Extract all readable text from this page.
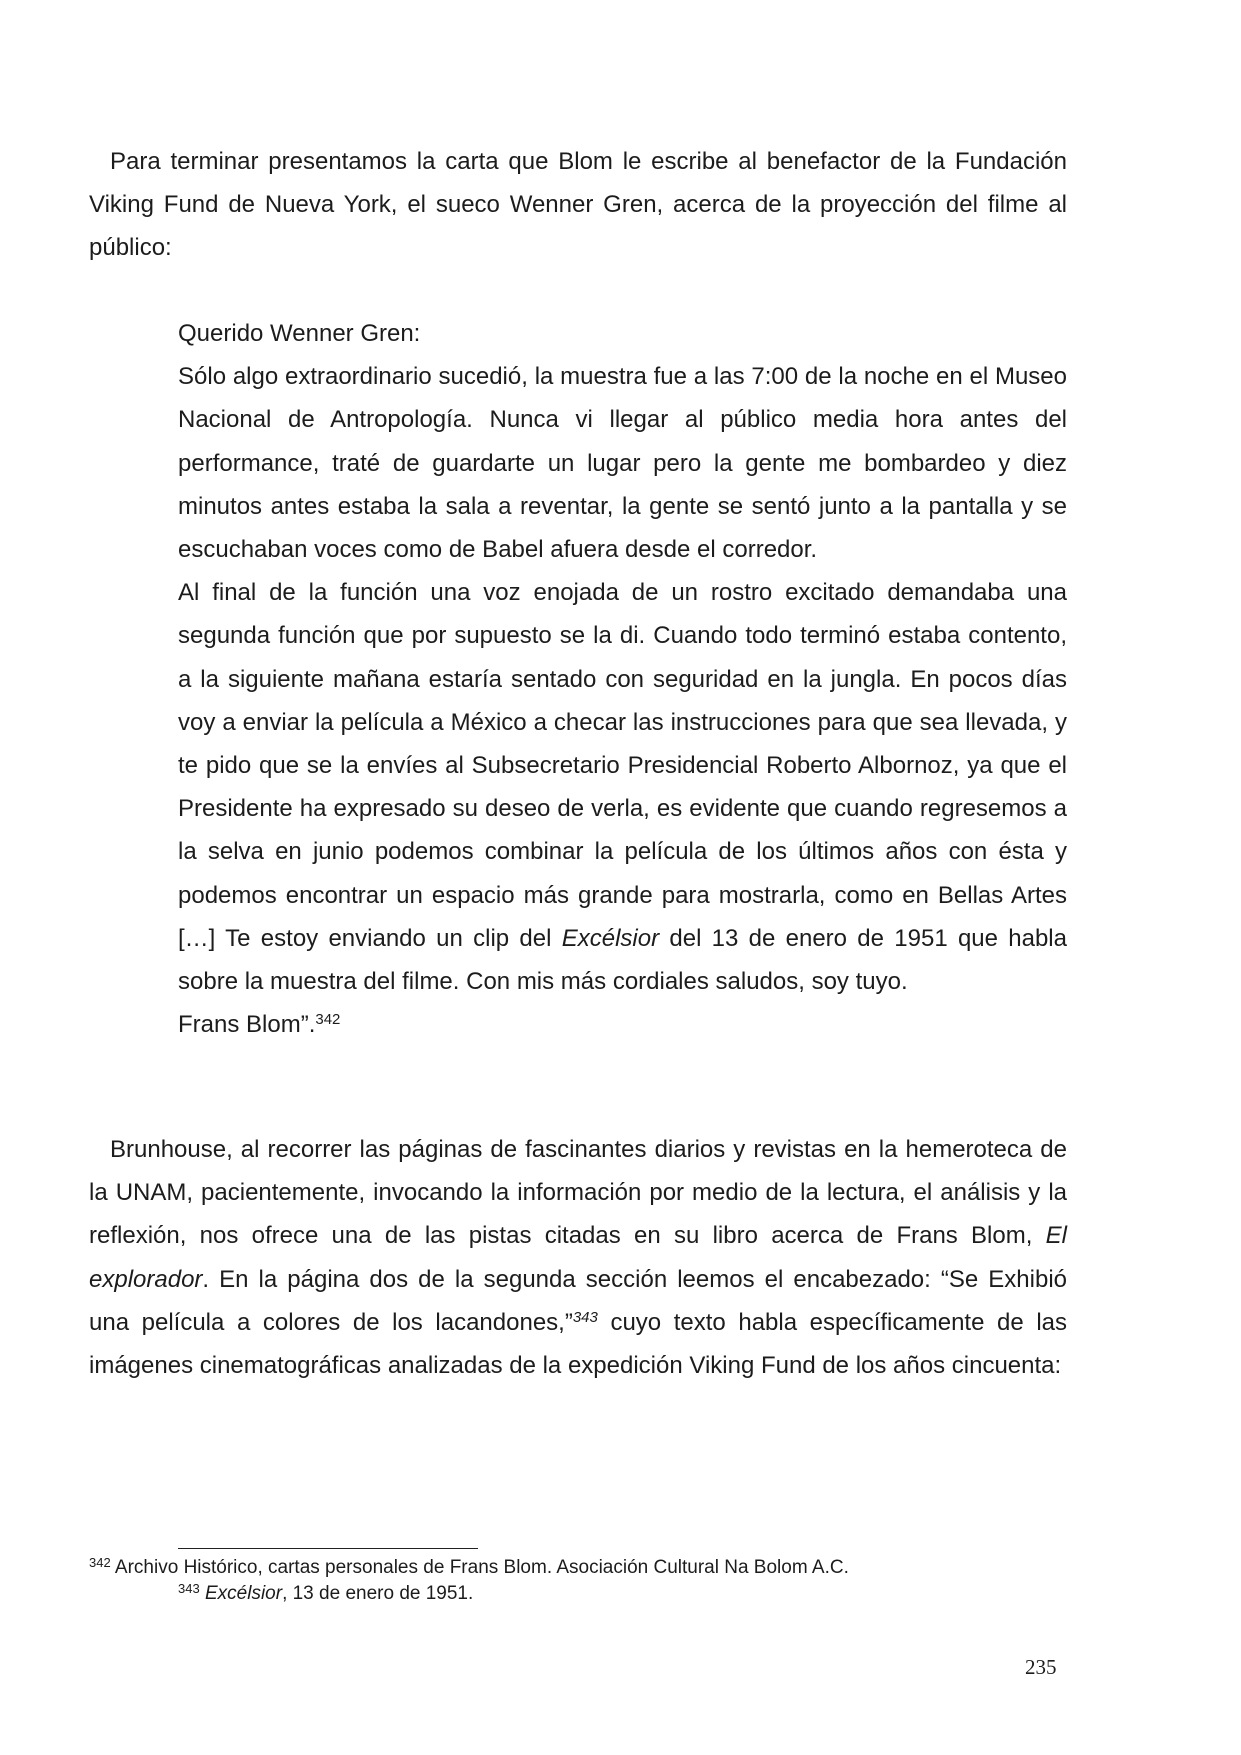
Para terminar presentamos la carta que Blom le escribe al benefactor de la Fundación Viking Fund de Nueva York, el sueco Wenner Gren, acerca de la proyección del filme al público:

Querido Wenner Gren:

Sólo algo extraordinario sucedió, la muestra fue a las 7:00 de la noche en el Museo Nacional de Antropología. Nunca vi llegar al público media hora antes del performance, traté de guardarte un lugar pero la gente me bombardeo y diez minutos antes estaba la sala a reventar, la gente se sentó junto a la pantalla y se escuchaban voces como de Babel afuera desde el corredor.

Al final de la función una voz enojada de un rostro excitado demandaba una segunda función que por supuesto se la di. Cuando todo terminó estaba contento, a la siguiente mañana estaría sentado con seguridad en la jungla. En pocos días voy a enviar la película a México a checar las instrucciones para que sea llevada, y te pido que se la envíes al Subsecretario Presidencial Roberto Albornoz, ya que el Presidente ha expresado su deseo de verla, es evidente que cuando regresemos a la selva en junio podemos combinar la película de los últimos años con ésta y podemos encontrar un espacio más grande para mostrarla, como en Bellas Artes […] Te estoy enviando un clip del Excélsior del 13 de enero de 1951 que habla sobre la muestra del filme. Con mis más cordiales saludos, soy tuyo.

Frans Blom”.$^{342}$

Brunhouse, al recorrer las páginas de fascinantes diarios y revistas en la hemeroteca de la UNAM, pacientemente, invocando la información por medio de la lectura, el análisis y la reflexión, nos ofrece una de las pistas citadas en su libro acerca de Frans Blom, El explorador. En la página dos de la segunda sección leemos el encabezado: “Se Exhibió una película a colores de los lacandones,”$^{343}$ cuyo texto habla específicamente de las imágenes cinematográficas analizadas de la expedición Viking Fund de los años cincuenta:

$^{342}$ Archivo Histórico, cartas personales de Frans Blom. Asociación Cultural Na Bolom A.C.

$^{343}$ Excélsior, 13 de enero de 1951.

235
